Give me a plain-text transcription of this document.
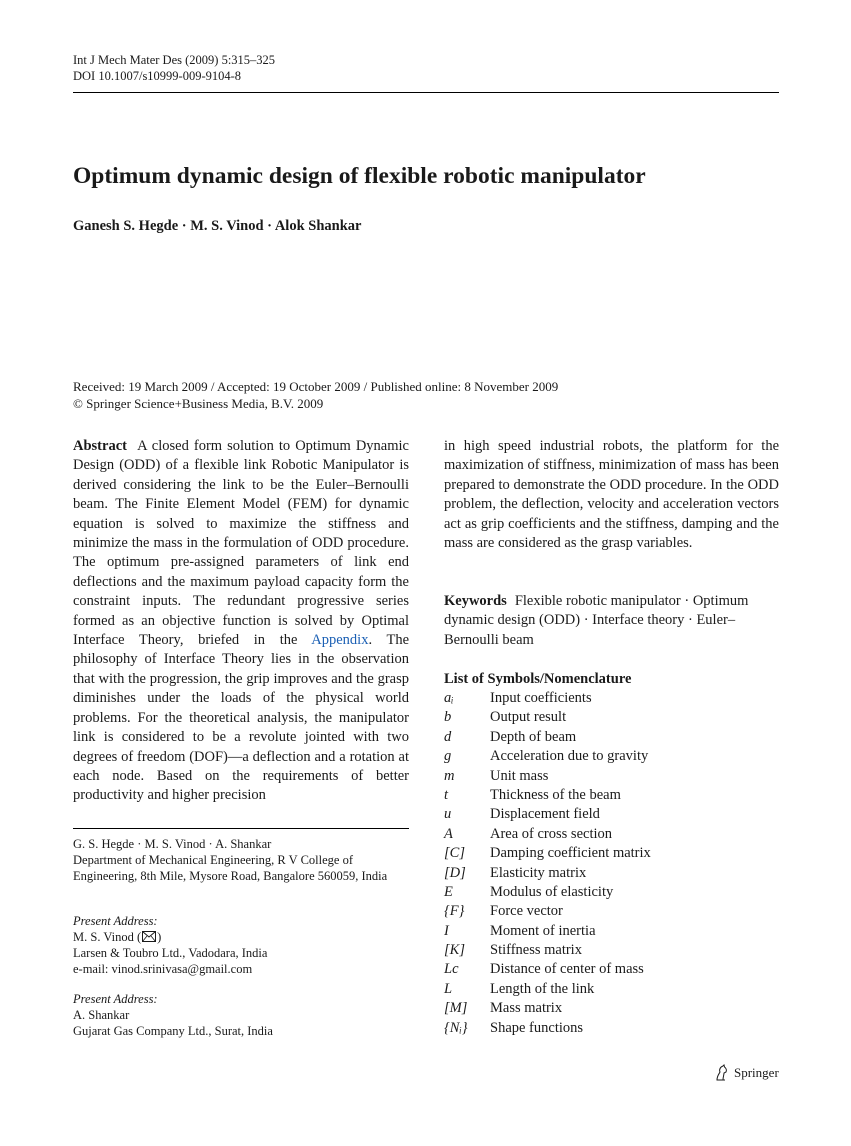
Int J Mech Mater Des (2009) 5:315–325
DOI 10.1007/s10999-009-9104-8
Optimum dynamic design of flexible robotic manipulator
Ganesh S. Hegde · M. S. Vinod · Alok Shankar
Received: 19 March 2009 / Accepted: 19 October 2009 / Published online: 8 November 2009
© Springer Science+Business Media, B.V. 2009
Abstract A closed form solution to Optimum Dynamic Design (ODD) of a flexible link Robotic Manipulator is derived considering the link to be the Euler–Bernoulli beam. The Finite Element Model (FEM) for dynamic equation is solved to maximize the stiffness and minimize the mass in the formulation of ODD procedure. The optimum pre-assigned parameters of link end deflections and the maximum payload capacity form the constraint inputs. The redundant progressive series formed as an objective function is solved by Optimal Interface Theory, briefed in the Appendix. The philosophy of Interface Theory lies in the observation that with the progression, the grip improves and the grasp diminishes under the loads of the physical world problems. For the theoretical analysis, the manipulator link is considered to be a revolute jointed with two degrees of freedom (DOF)—a deflection and a rotation at each node. Based on the requirements of better productivity and higher precision
in high speed industrial robots, the platform for the maximization of stiffness, minimization of mass has been prepared to demonstrate the ODD procedure. In the ODD problem, the deflection, velocity and acceleration vectors act as grip coefficients and the stiffness, damping and the mass are considered as the grasp variables.
Keywords Flexible robotic manipulator · Optimum dynamic design (ODD) · Interface theory · Euler–Bernoulli beam
List of Symbols/Nomenclature
aᵢ	Input coefficients
b	Output result
d	Depth of beam
g	Acceleration due to gravity
m	Unit mass
t	Thickness of the beam
u	Displacement field
A	Area of cross section
[C]	Damping coefficient matrix
[D]	Elasticity matrix
E	Modulus of elasticity
{F}	Force vector
I	Moment of inertia
[K]	Stiffness matrix
Lc	Distance of center of mass
L	Length of the link
[M]	Mass matrix
{Nᵢ}	Shape functions
G. S. Hegde · M. S. Vinod · A. Shankar
Department of Mechanical Engineering, R V College of Engineering, 8th Mile, Mysore Road, Bangalore 560059, India
Present Address:
M. S. Vinod ( )
Larsen & Toubro Ltd., Vadodara, India
e-mail: vinod.srinivasa@gmail.com
Present Address:
A. Shankar
Gujarat Gas Company Ltd., Surat, India
Springer
